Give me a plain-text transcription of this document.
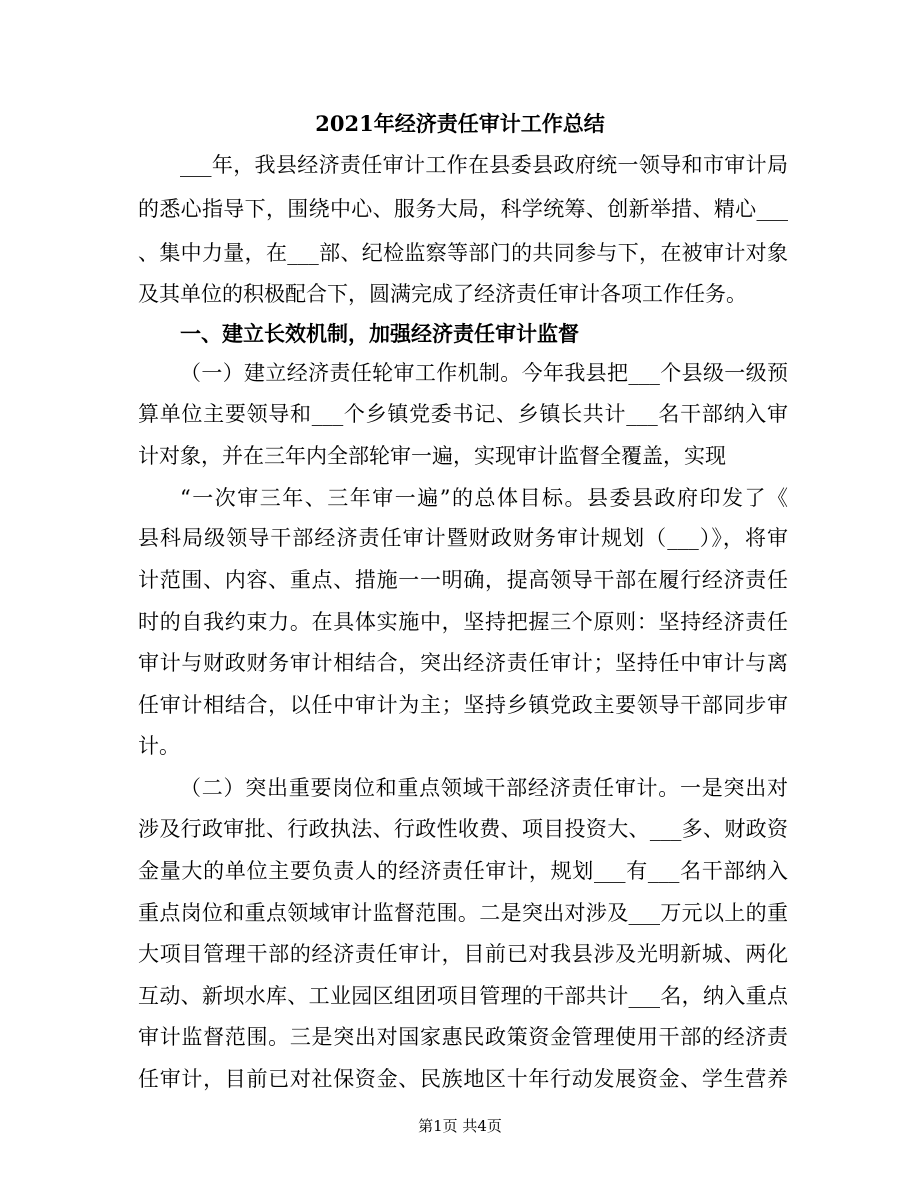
2021年经济责任审计工作总结
___年，我县经济责任审计工作在县委县政府统一领导和市审计局
的悉心指导下，围绕中心、服务大局，科学统筹、创新举措、精心___
、集中力量，在___部、纪检监察等部门的共同参与下，在被审计对象
及其单位的积极配合下，圆满完成了经济责任审计各项工作任务。
一、建立长效机制，加强经济责任审计监督
（一）建立经济责任轮审工作机制。今年我县把___个县级一级预
算单位主要领导和___个乡镇党委书记、乡镇长共计___名干部纳入审
计对象，并在三年内全部轮审一遍，实现审计监督全覆盖，实现
“一次审三年、三年审一遍”的总体目标。县委县政府印发了《
县科局级领导干部经济责任审计暨财政财务审计规划（___）》，将审
计范围、内容、重点、措施一一明确，提高领导干部在履行经济责任
时的自我约束力。在具体实施中，坚持把握三个原则：坚持经济责任
审计与财政财务审计相结合，突出经济责任审计；坚持任中审计与离
任审计相结合，以任中审计为主；坚持乡镇党政主要领导干部同步审
计。
（二）突出重要岗位和重点领域干部经济责任审计。一是突出对
涉及行政审批、行政执法、行政性收费、项目投资大、___多、财政资
金量大的单位主要负责人的经济责任审计，规划___有___名干部纳入
重点岗位和重点领域审计监督范围。二是突出对涉及___万元以上的重
大项目管理干部的经济责任审计，目前已对我县涉及光明新城、两化
互动、新坝水库、工业园区组团项目管理的干部共计___名，纳入重点
审计监督范围。三是突出对国家惠民政策资金管理使用干部的经济责
任审计，目前已对社保资金、民族地区十年行动发展资金、学生营养
第1页 共4页
